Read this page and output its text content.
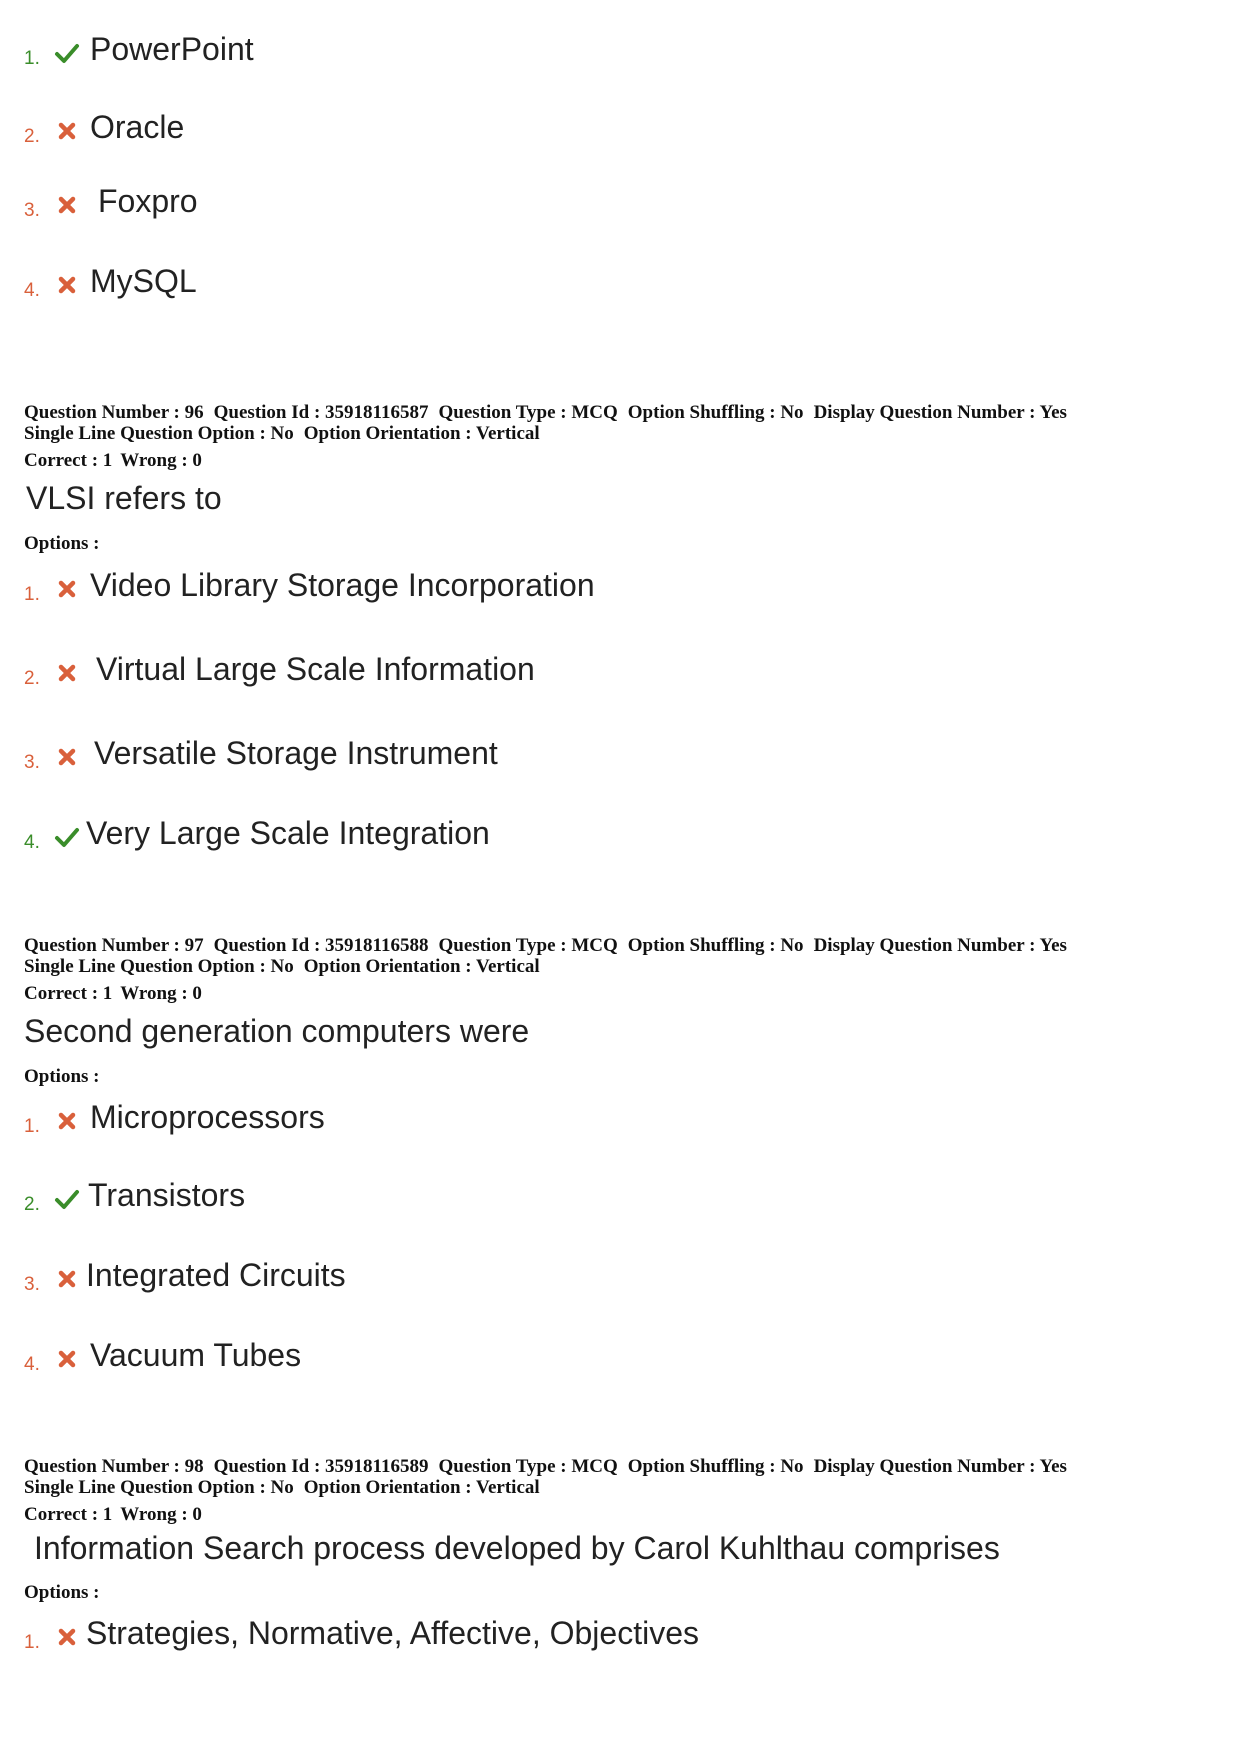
1. PowerPoint
2. Oracle
3. Foxpro
4. MySQL
Question Number : 96 Question Id : 35918116587 Question Type : MCQ Option Shuffling : No Display Question Number : Yes
Single Line Question Option : No Option Orientation : Vertical
Correct : 1 Wrong : 0
VLSI refers to
Options :
1. Video Library Storage Incorporation
2. Virtual Large Scale Information
3. Versatile Storage Instrument
4. Very Large Scale Integration
Question Number : 97 Question Id : 35918116588 Question Type : MCQ Option Shuffling : No Display Question Number : Yes
Single Line Question Option : No Option Orientation : Vertical
Correct : 1 Wrong : 0
Second generation computers were
Options :
1. Microprocessors
2. Transistors
3. Integrated Circuits
4. Vacuum Tubes
Question Number : 98 Question Id : 35918116589 Question Type : MCQ Option Shuffling : No Display Question Number : Yes
Single Line Question Option : No Option Orientation : Vertical
Correct : 1 Wrong : 0
Information Search process developed by Carol Kuhlthau comprises
Options :
1. Strategies, Normative, Affective, Objectives
